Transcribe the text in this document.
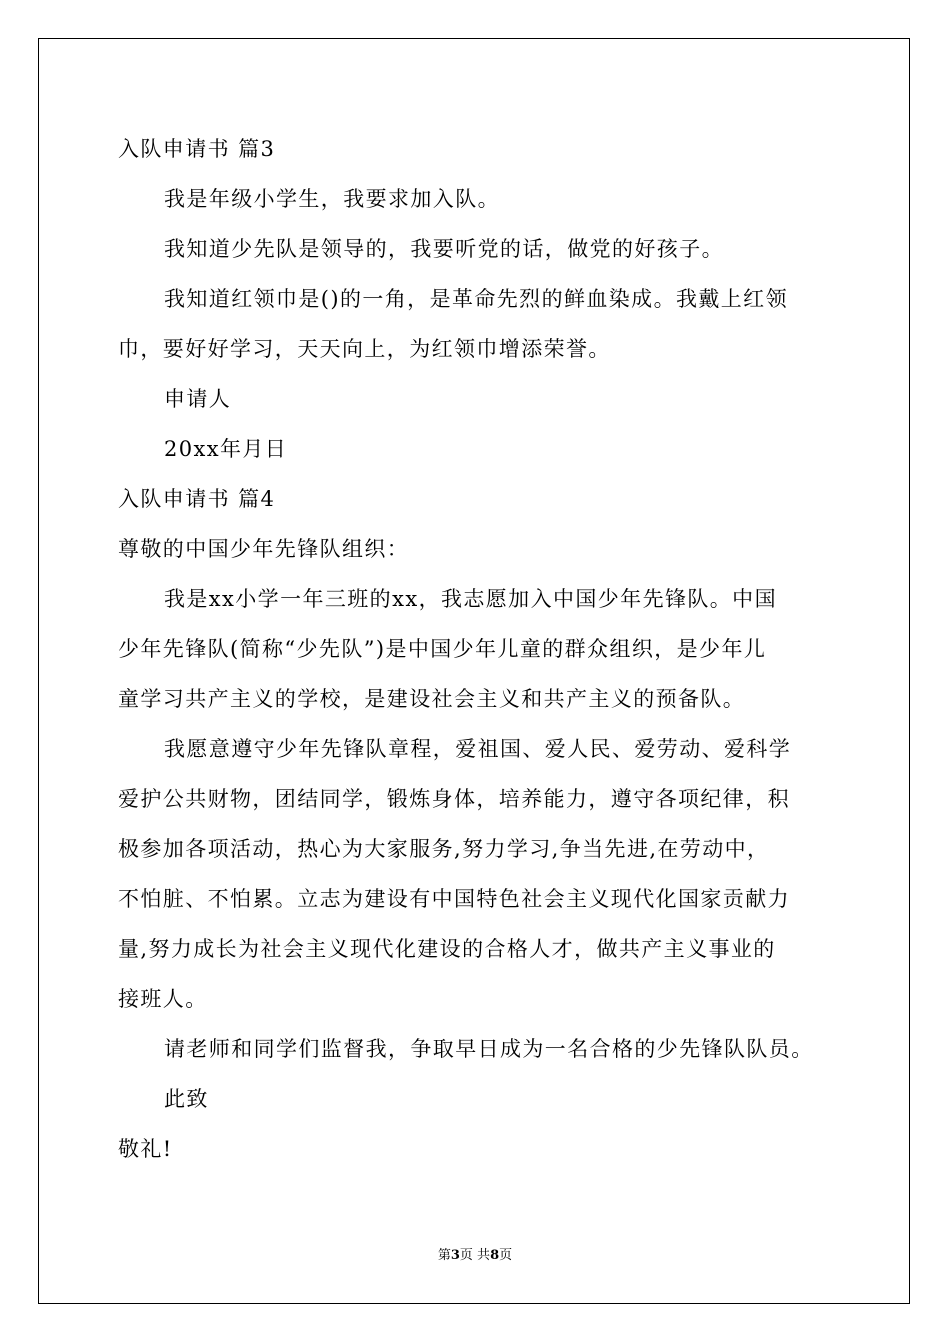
入队申请书 篇3
我是年级小学生，我要求加入队。
我知道少先队是领导的，我要听党的话，做党的好孩子。
我知道红领巾是()的一角，是革命先烈的鲜血染成。我戴上红领
巾，要好好学习，天天向上，为红领巾增添荣誉。
申请人
20xx年月日
入队申请书 篇4
尊敬的中国少年先锋队组织：
我是xx小学一年三班的xx，我志愿加入中国少年先锋队。中国
少年先锋队(简称“少先队”)是中国少年儿童的群众组织，是少年儿
童学习共产主义的学校，是建设社会主义和共产主义的预备队。
我愿意遵守少年先锋队章程，爱祖国、爱人民、爱劳动、爱科学
爱护公共财物，团结同学，锻炼身体，培养能力，遵守各项纪律，积
极参加各项活动，热心为大家服务,努力学习,争当先进,在劳动中，
不怕脏、不怕累。立志为建设有中国特色社会主义现代化国家贡献力
量,努力成长为社会主义现代化建设的合格人才，做共产主义事业的
接班人。
请老师和同学们监督我，争取早日成为一名合格的少先锋队队员。
此致
敬礼!
第3页 共8页
